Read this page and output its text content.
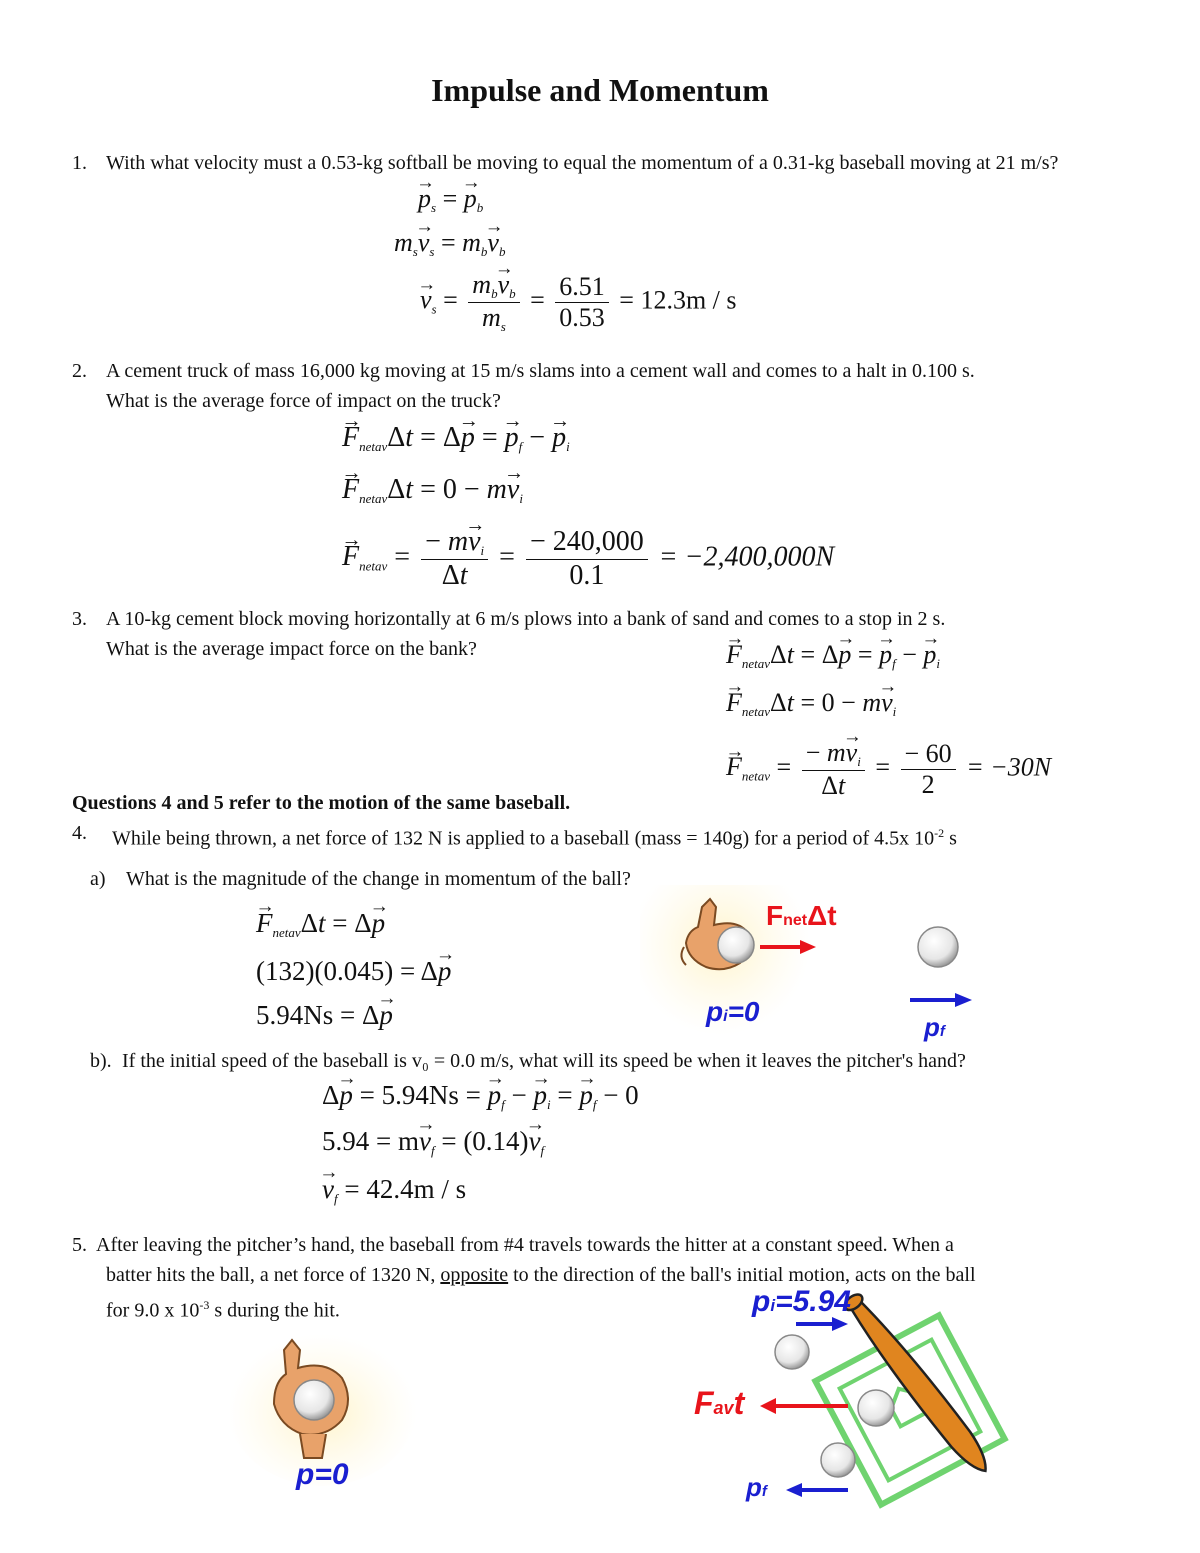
Impulse and Momentum
1. With what velocity must a 0.53-kg softball be moving to equal the momentum of a 0.31-kg baseball moving at 21 m/s?
→ $p_s$ = → $p_b$
$m_s\to v_s = m_b\to v_b$
→ $v_s = \frac{m_b\to v_b}{m_s} = \frac{6.51}{0.53} = 12.3m / s$
2. A cement truck of mass 16,000 kg moving at 15 m/s slams into a cement wall and comes to a halt in 0.100 s.
What is the average force of impact on the truck?
→ $F_{netav}\Delta t = \Delta\to p$ = → $p_f$ − → $p_i$
→ $F_{netav}\Delta t = 0 - m\to v_i$
→ $F_{netav} = \frac{- m\to v_i}{\Delta t} = \frac{- 240,000}{0.1} = -2,400,000N$
3. A 10-kg cement block moving horizontally at 6 m/s plows into a bank of sand and comes to a stop in 2 s.
What is the average impact force on the bank?	→ $F_{netav}\Delta t = \Delta\to p$ = → $p_f$ − → $p_i$
→ $F_{netav}\Delta t = 0 - m\to v_i$
→ $F_{netav} = \frac{- m\to v_i}{\Delta t} = \frac{- 60}{2} = -30N$
Questions 4 and 5 refer to the motion of the same baseball.
4. While being thrown, a net force of 132 N is applied to a baseball (mass = 140g) for a period of 4.5x $10^{-2}$ s
a) What is the magnitude of the change in momentum of the ball?
→ $F_{netav}\Delta t = \Delta\to p$
(132)(0.045) = Δ→ p
5.94Ns = Δ→ p
FnetΔt
pi=0	pf
b). If the initial speed of the baseball is v₀ = 0.0 m/s, what will its speed be when it leaves the pitcher's hand?
Δ→ p = 5.94Ns = → $p_f$ − → $p_i$ = → $p_f - 0$
$5.94 = m\to v_f = (0.14)\to v_f$
→ $v_f = 42.4m / s$
5. After leaving the pitcher’s hand, the baseball from #4 travels towards the hitter at a constant speed. When a
batter hits the ball, a net force of 1320 N, opposite to the direction of the ball's initial motion, acts on the ball
for 9.0 x $10^{-3}$ s during the hit.
p=0
pi=5.94
Favt
pf
